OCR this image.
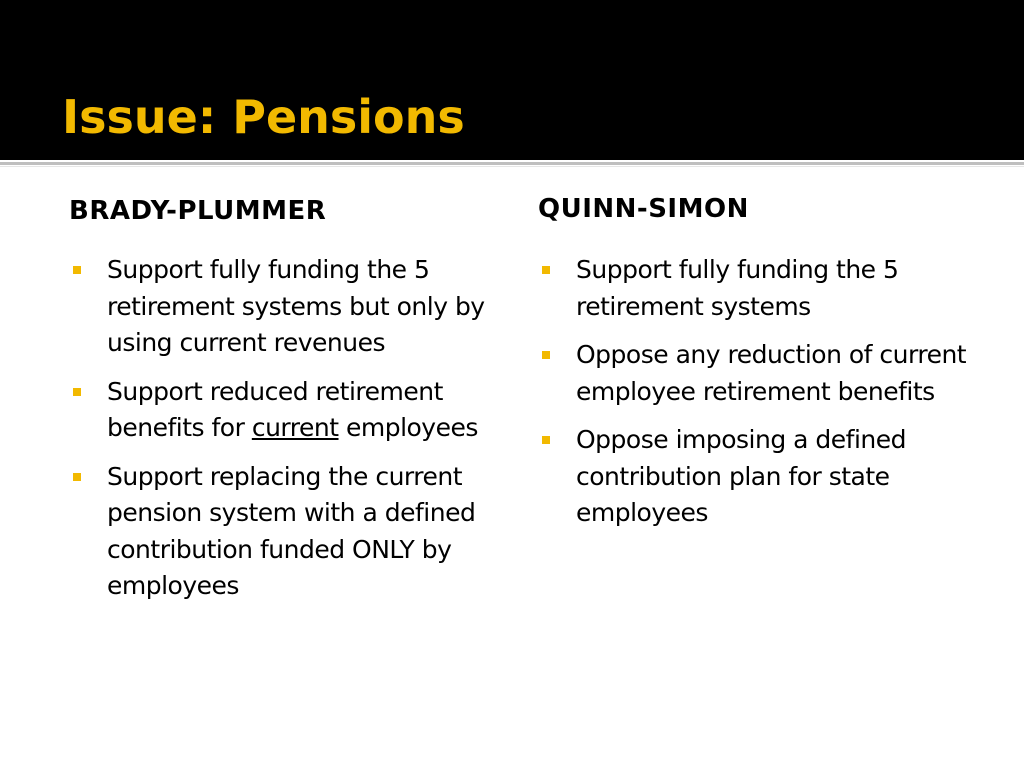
Issue: Pensions
BRADY-PLUMMER	QUINN-SIMON
Support fully funding the 5 retirement systems but only by using current revenues
Support reduced retirement benefits for current employees
Support replacing the current pension system with a defined contribution funded ONLY by employees
Support fully funding the 5 retirement systems
Oppose any reduction of current employee retirement benefits
Oppose imposing a defined contribution plan for state employees
